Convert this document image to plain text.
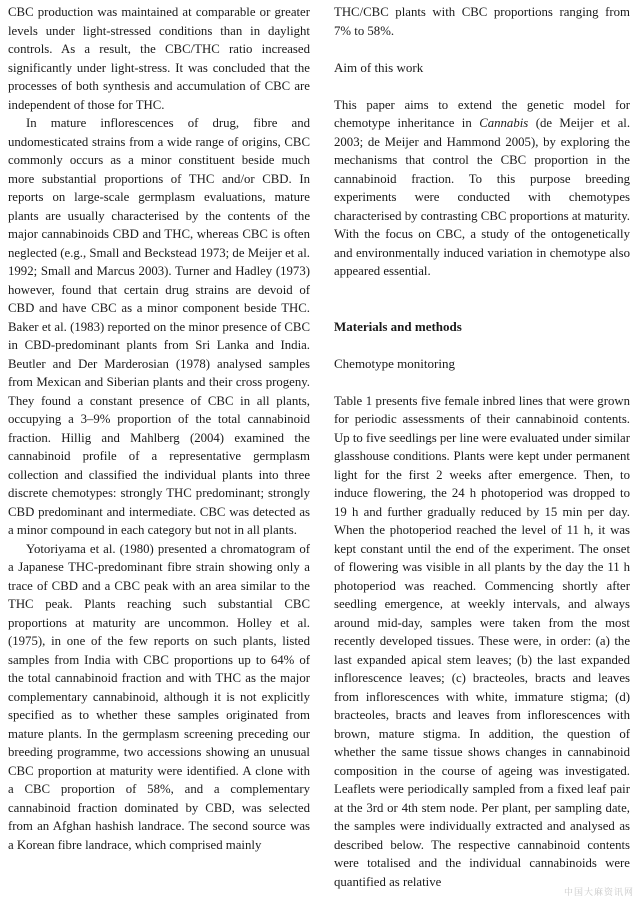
CBC production was maintained at comparable or greater levels under light-stressed conditions than in daylight controls. As a result, the CBC/THC ratio increased significantly under light-stress. It was concluded that the processes of both synthesis and accumulation of CBC are independent of those for THC.

In mature inflorescences of drug, fibre and undomesticated strains from a wide range of origins, CBC commonly occurs as a minor constituent beside much more substantial proportions of THC and/or CBD. In reports on large-scale germplasm evaluations, mature plants are usually characterised by the contents of the major cannabinoids CBD and THC, whereas CBC is often neglected (e.g., Small and Beckstead 1973; de Meijer et al. 1992; Small and Marcus 2003). Turner and Hadley (1973) however, found that certain drug strains are devoid of CBD and have CBC as a minor component beside THC. Baker et al. (1983) reported on the minor presence of CBC in CBD-predominant plants from Sri Lanka and India. Beutler and Der Marderosian (1978) analysed samples from Mexican and Siberian plants and their cross progeny. They found a constant presence of CBC in all plants, occupying a 3–9% proportion of the total cannabinoid fraction. Hillig and Mahlberg (2004) examined the cannabinoid profile of a representative germplasm collection and classified the individual plants into three discrete chemotypes: strongly THC predominant; strongly CBD predominant and intermediate. CBC was detected as a minor compound in each category but not in all plants.

Yotoriyama et al. (1980) presented a chromatogram of a Japanese THC-predominant fibre strain showing only a trace of CBD and a CBC peak with an area similar to the THC peak. Plants reaching such substantial CBC proportions at maturity are uncommon. Holley et al. (1975), in one of the few reports on such plants, listed samples from India with CBC proportions up to 64% of the total cannabinoid fraction and with THC as the major complementary cannabinoid, although it is not explicitly specified as to whether these samples originated from mature plants. In the germplasm screening preceding our breeding programme, two accessions showing an unusual CBC proportion at maturity were identified. A clone with a CBC proportion of 58%, and a complementary cannabinoid fraction dominated by CBD, was selected from an Afghan hashish landrace. The second source was a Korean fibre landrace, which comprised mainly

THC/CBC plants with CBC proportions ranging from 7% to 58%.

Aim of this work

This paper aims to extend the genetic model for chemotype inheritance in Cannabis (de Meijer et al. 2003; de Meijer and Hammond 2005), by exploring the mechanisms that control the CBC proportion in the cannabinoid fraction. To this purpose breeding experiments were conducted with chemotypes characterised by contrasting CBC proportions at maturity. With the focus on CBC, a study of the ontogenetically and environmentally induced variation in chemotype also appeared essential.

Materials and methods

Chemotype monitoring

Table 1 presents five female inbred lines that were grown for periodic assessments of their cannabinoid contents. Up to five seedlings per line were evaluated under similar glasshouse conditions. Plants were kept under permanent light for the first 2 weeks after emergence. Then, to induce flowering, the 24 h photoperiod was dropped to 19 h and further gradually reduced by 15 min per day. When the photoperiod reached the level of 11 h, it was kept constant until the end of the experiment. The onset of flowering was visible in all plants by the day the 11 h photoperiod was reached. Commencing shortly after seedling emergence, at weekly intervals, and always around mid-day, samples were taken from the most recently developed tissues. These were, in order: (a) the last expanded apical stem leaves; (b) the last expanded inflorescence leaves; (c) bracteoles, bracts and leaves from inflorescences with white, immature stigma; (d) bracteoles, bracts and leaves from inflorescences with brown, mature stigma. In addition, the question of whether the same tissue shows changes in cannabinoid composition in the course of ageing was investigated. Leaflets were periodically sampled from a fixed leaf pair at the 3rd or 4th stem node. Per plant, per sampling date, the samples were individually extracted and analysed as described below. The respective cannabinoid contents were totalised and the individual cannabinoids were quantified as relative

中国大麻资讯网
